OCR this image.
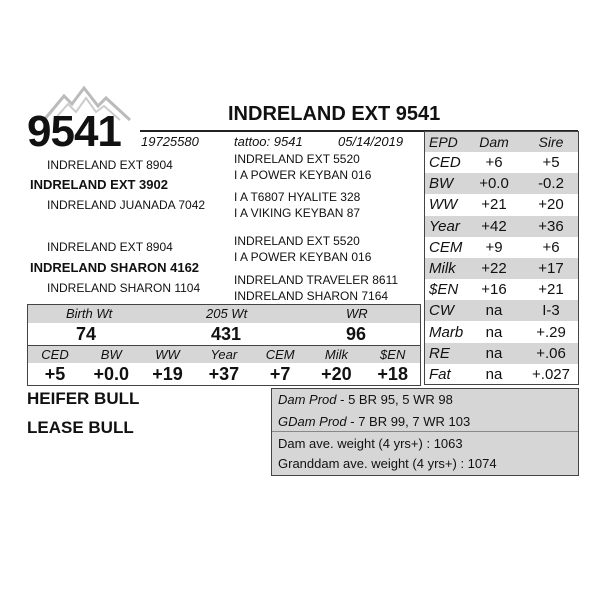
9541	INDRELAND EXT 9541
19725580	tattoo: 9541	05/14/2019
INDRELAND EXT 8904
INDRELAND EXT 3902
INDRELAND JUANADA 7042
INDRELAND EXT 5520
I A POWER KEYBAN 016
I A T6807 HYALITE 328
I A VIKING KEYBAN 87
INDRELAND EXT 8904
INDRELAND SHARON 4162
INDRELAND SHARON 1104
INDRELAND EXT 5520
I A POWER KEYBAN 016
INDRELAND TRAVELER 8611
INDRELAND SHARON 7164
EPD	Dam	Sire
CED	+6	+5
BW	+0.0	-0.2
WW	+21	+20
Year	+42	+36
CEM	+9	+6
Milk	+22	+17
$EN	+16	+21
CW	na	I-3
Marb	na	+.29
RE	na	+.06
Fat	na	+.027
Birth Wt	205 Wt	WR
74	431	96
CED	BW	WW	Year	CEM	Milk	$EN
+5	+0.0	+19	+37	+7	+20	+18
HEIFER BULL
LEASE BULL
Dam Prod - 5 BR 95, 5 WR 98
GDam Prod - 7 BR 99, 7 WR 103
Dam ave. weight (4 yrs+) : 1063
Granddam ave. weight (4 yrs+) : 1074
